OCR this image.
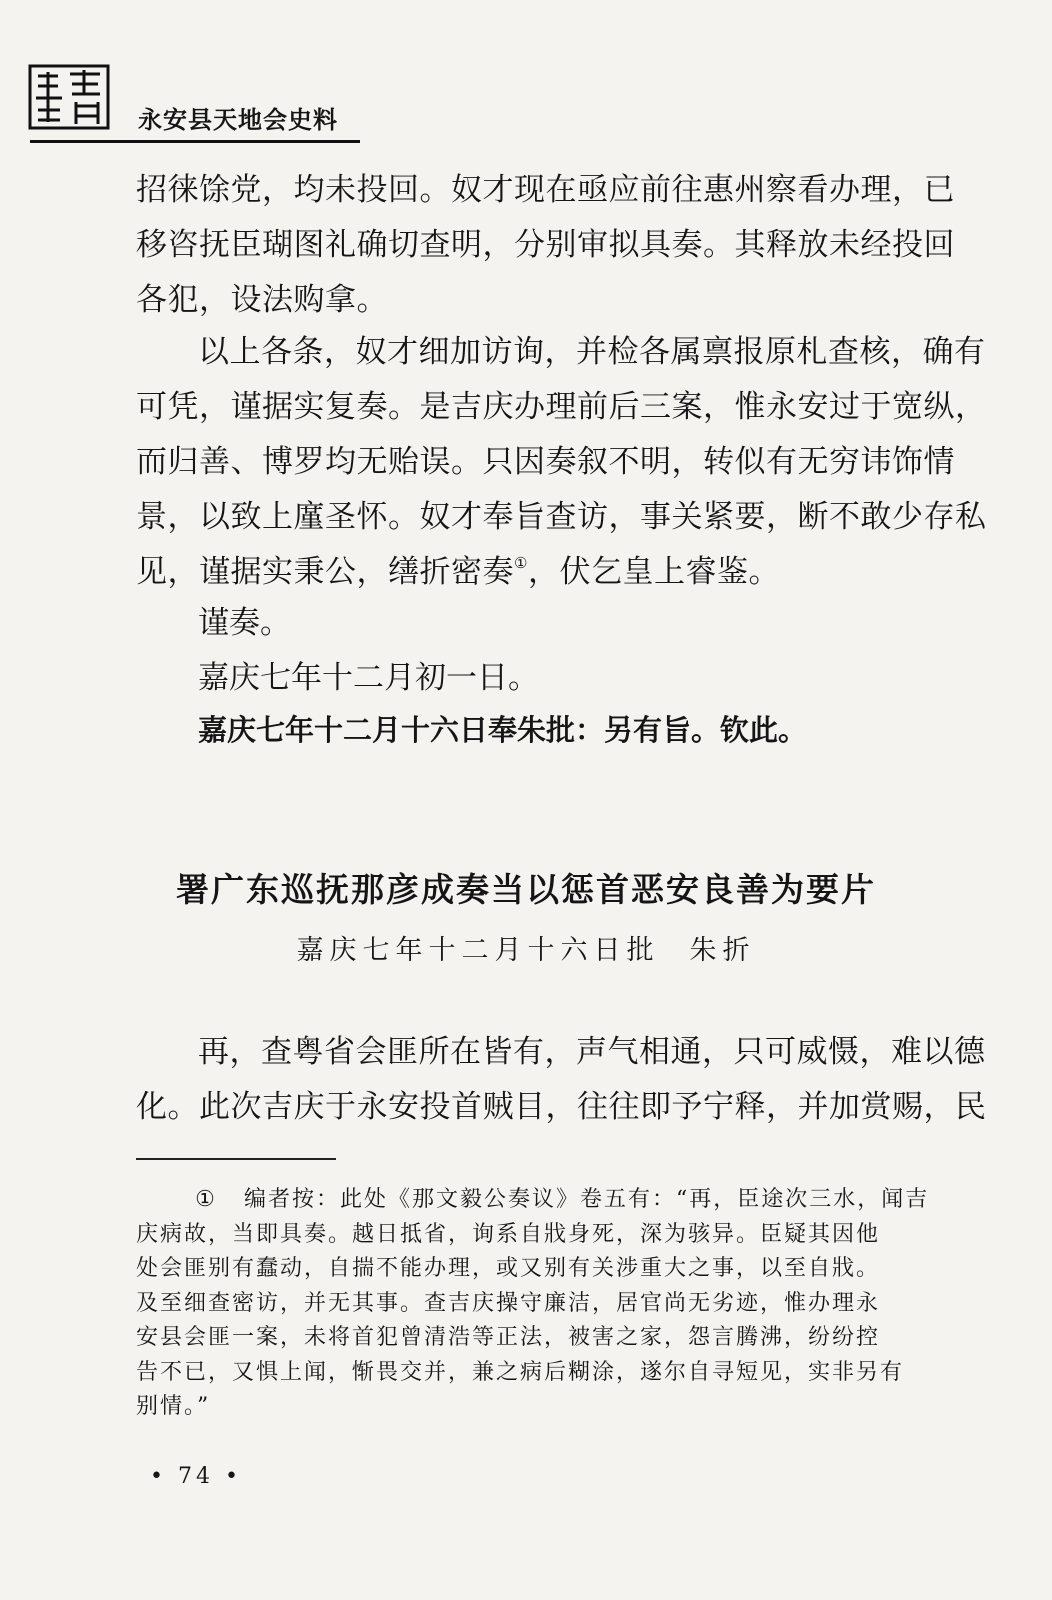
永安县天地会史料
招徕馀党，均未投回。奴才现在亟应前往惠州察看办理，已
移咨抚臣瑚图礼确切查明，分别审拟具奏。其释放未经投回
各犯，设法购拿。
以上各条，奴才细加访询，并检各属禀报原札查核，确有
可凭，谨据实复奏。是吉庆办理前后三案，惟永安过于宽纵，
而归善、博罗均无贻误。只因奏叙不明，转似有无穷讳饰情
景，以致上廑圣怀。奴才奉旨查访，事关紧要，断不敢少存私
见，谨据实秉公，缮折密奏①，伏乞皇上睿鉴。
谨奏。
嘉庆七年十二月初一日。
嘉庆七年十二月十六日奉朱批：另有旨。钦此。
署广东巡抚那彦成奏当以惩首恶安良善为要片
嘉庆七年十二月十六日批 朱折
再，查粤省会匪所在皆有，声气相通，只可威慑，难以德
化。此次吉庆于永安投首贼目，往往即予宁释，并加赏赐，民
① 编者按：此处《那文毅公奏议》卷五有：“再，臣途次三水，闻吉
庆病故，当即具奏。越日抵省，询系自戕身死，深为骇异。臣疑其因他
处会匪别有蠢动，自揣不能办理，或又别有关涉重大之事，以至自戕。
及至细查密访，并无其事。查吉庆操守廉洁，居官尚无劣迹，惟办理永
安县会匪一案，未将首犯曾清浩等正法，被害之家，怨言腾沸，纷纷控
告不已，又惧上闻，惭畏交并，兼之病后糊涂，遂尔自寻短见，实非另有
别情。”
• 74 •
